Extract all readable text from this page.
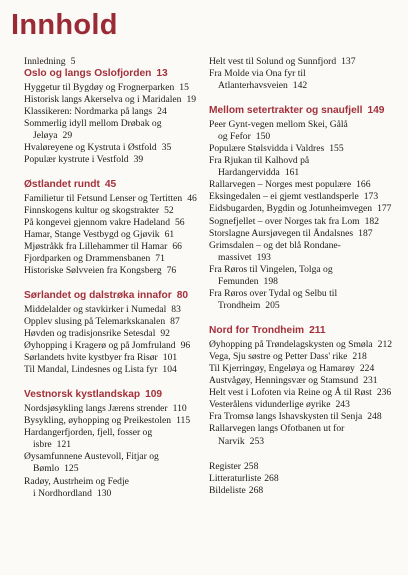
Innhold

Innledning 5

Oslo og langs Oslofjorden 13

Hyggetur til Bygdøy og Frognerparken 15

Historisk langs Akerselva og i Maridalen 19

Klassikeren: Nordmarka på langs 24

Sommerlig idyll mellom Drøbak og Jeløya 29

Hvaløreyene og Kystruta i Østfold 35

Populær kystrute i Vestfold 39

Østlandet rundt 45

Familietur til Fetsund Lenser og Tertitten 46

Finnskogens kultur og skogstrakter 52

På kongevei gjennom vakre Hadeland 56

Hamar, Stange Vestbygd og Gjøvik 61

Mjøstråkk fra Lillehammer til Hamar 66

Fjordparken og Drammensbanen 71

Historiske Sølvveien fra Kongsberg 76

Sørlandet og dalstrøka innafor 80

Middelalder og stavkirker i Numedal 83

Opplev slusing på Telemarkskanalen 87

Høvden og tradisjonsrike Setesdal 92

Øyhopping i Kragerø og på Jomfruland 96

Sørlandets hvite kystbyer fra Risør 101

Til Mandal, Lindesnes og Lista fyr 104

Vestnorsk kystlandskap 109

Nordsjøsykling langs Jærens strender 110

Bysykling, øyhopping og Preikestolen 115

Hardangerfjorden, fjell, fosser og
isbre 121

Øysamfunnene Austevoll, Fitjar og
Bømlo 125

Radøy, Austrheim og Fedje
i Nordhordland 130

Helt vest til Solund og Sunnfjord 137

Fra Molde via Ona fyr til
Atlanterhavsveien 142

Mellom setertrakter og snaufjell 149

Peer Gynt-vegen mellom Skei, Gålå
og Fefor 150

Populære Stølsvidda i Valdres 155

Fra Rjukan til Kalhovd på
Hardangervidda 161

Rallarvegen – Norges mest populære 166

Eksingedalen – ei gjemt vestlandsperle 173

Eidsbugarden, Bygdin og Jotunheimvegen 177

Sognefjellet – over Norges tak fra Lom 182

Storslagne Aursjøvegen til Åndalsnes 187

Grimsdalen – og det blå Rondane-
massivet 193

Fra Røros til Vingelen, Tolga og
Femunden 198

Fra Røros over Tydal og Selbu til
Trondheim 205

Nord for Trondheim 211

Øyhopping på Trøndelagskysten og Smøla 212

Vega, Sju søstre og Petter Dass' rike 218

Til Kjerringøy, Engeløya og Hamarøy 224

Austvågøy, Henningsvær og Stamsund 231

Helt vest i Lofoten via Reine og Å til Røst 236

Vesterålens vidunderlige øyrike 243

Fra Tromsø langs Ishavskysten til Senja 248

Rallarvegen langs Ofotbanen ut for
Narvik 253

Register 258

Litteraturliste 268

Bildeliste 268
